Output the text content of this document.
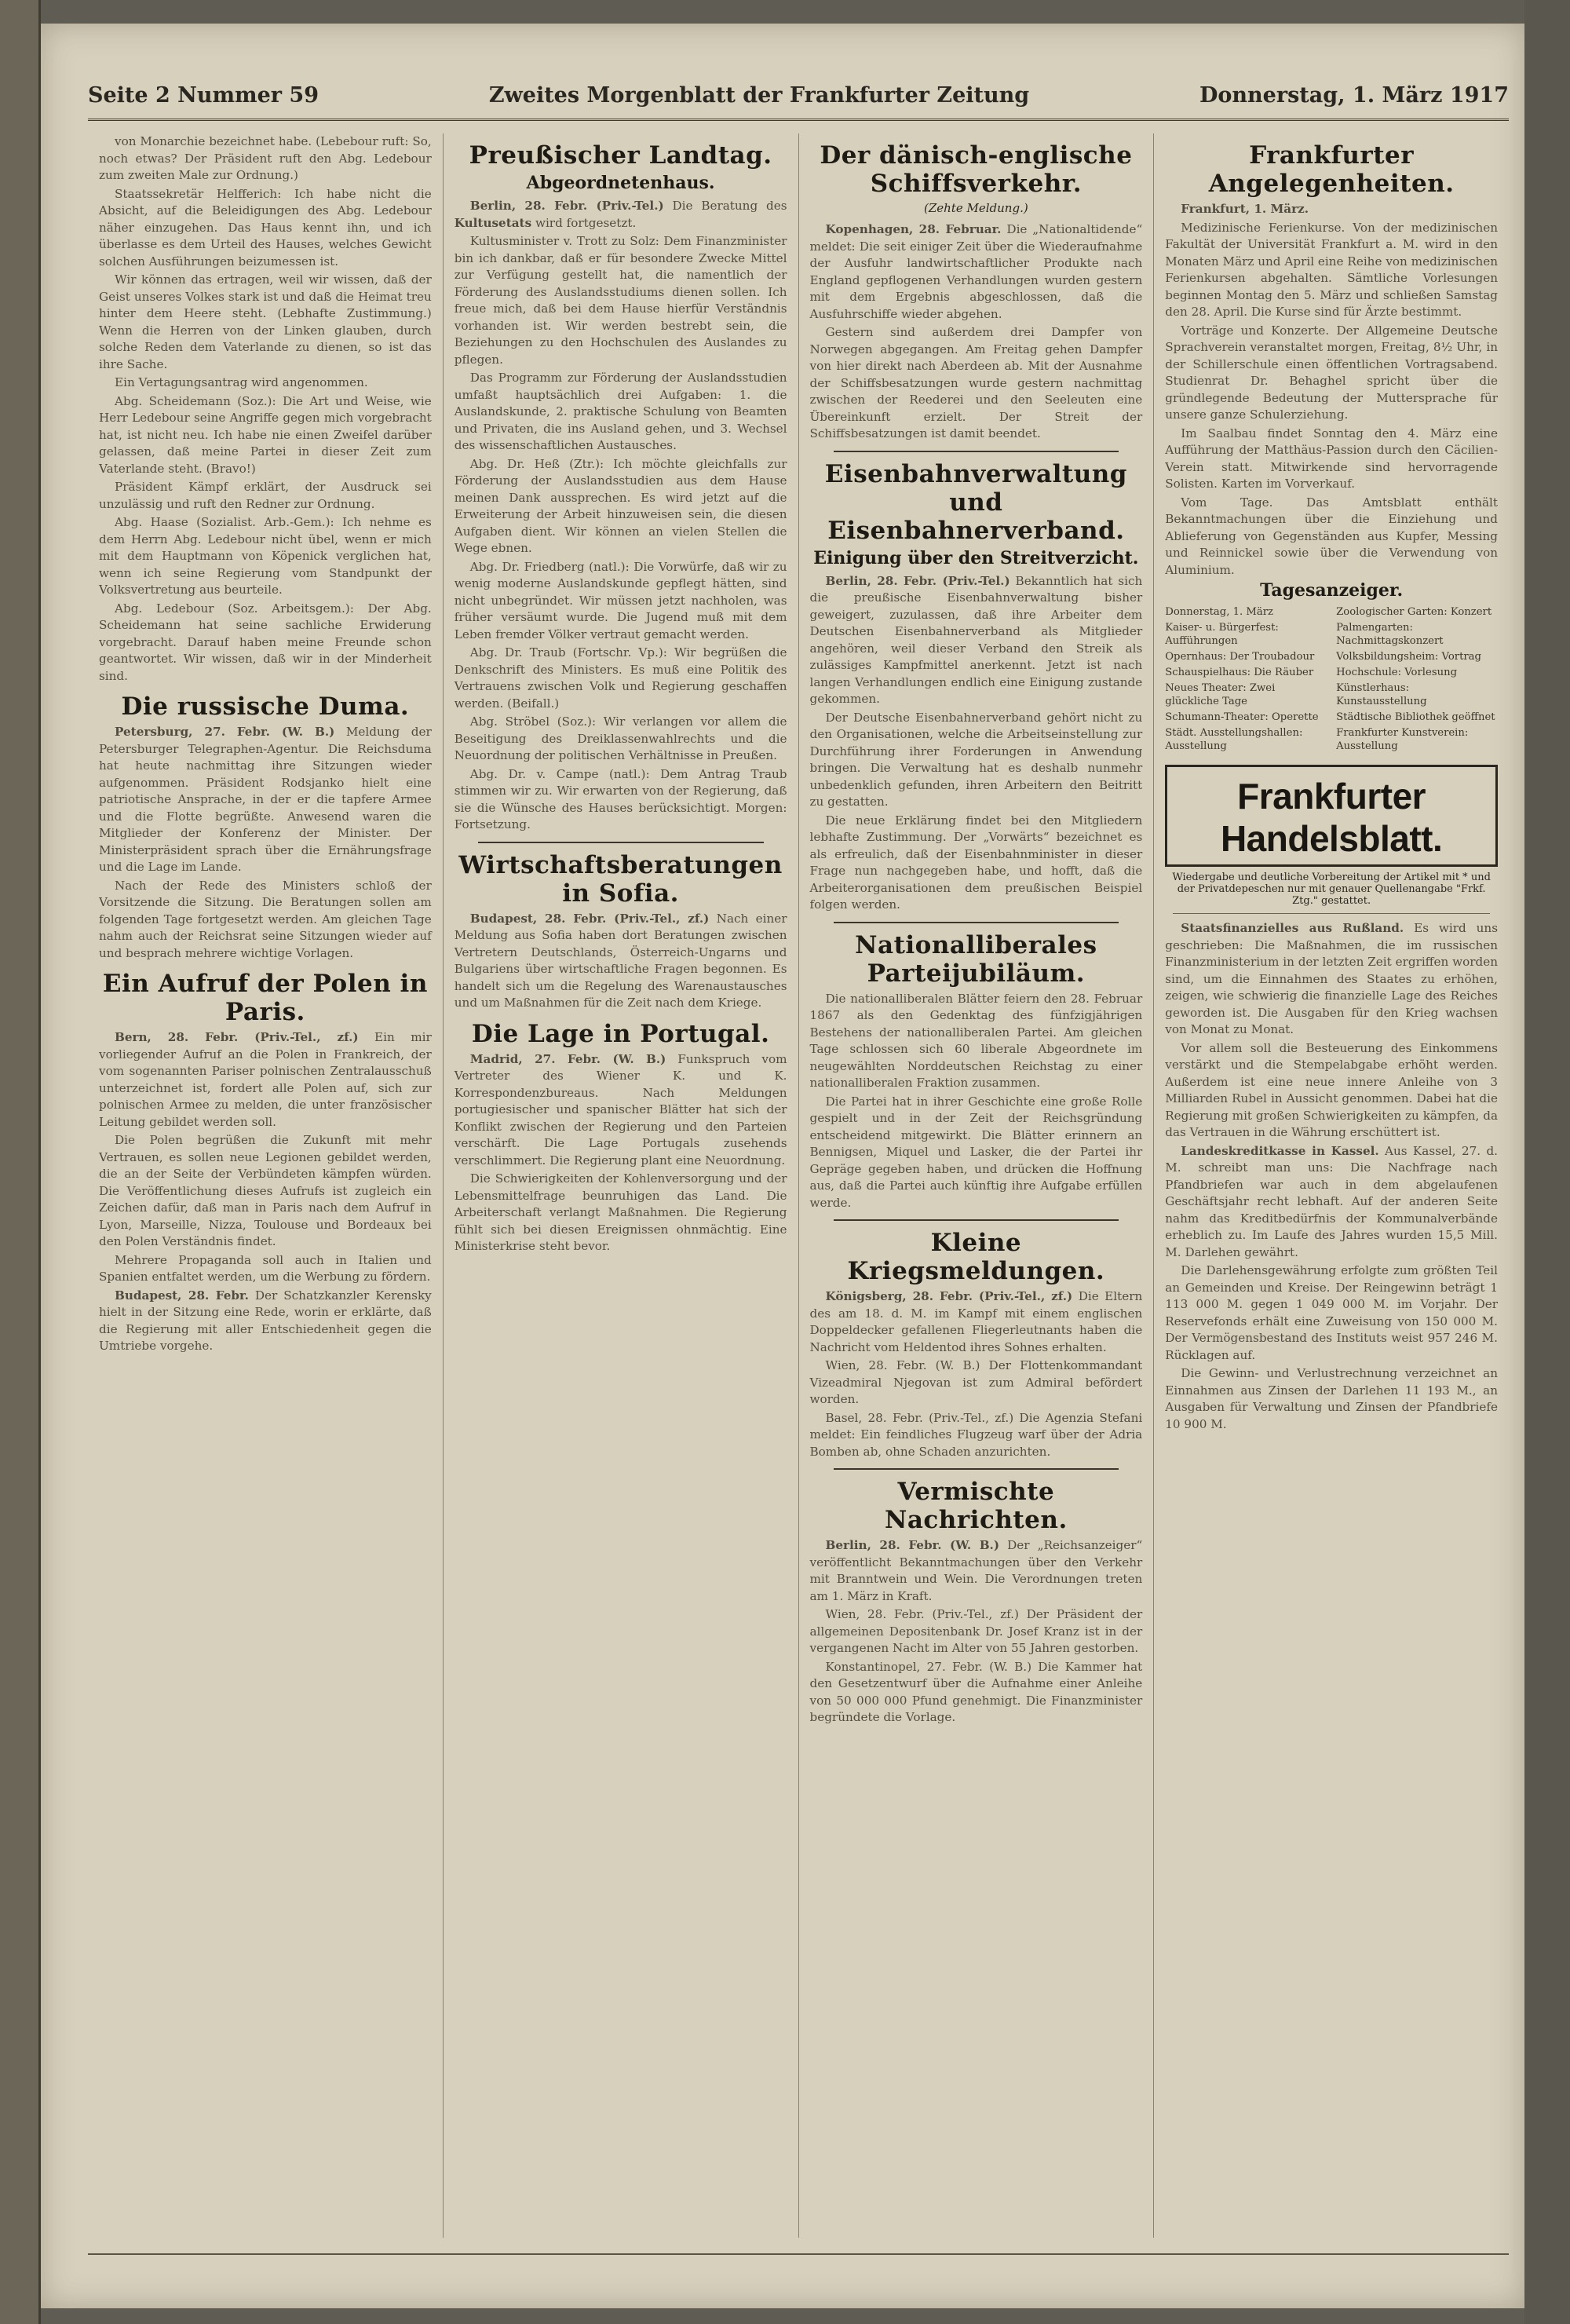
Seite 2 Nummer 59	Zweites Morgenblatt der Frankfurter Zeitung	Donnerstag, 1. März 1917

von Monarchie bezeichnet habe. (Lebebour ruft: So, noch etwas? Der Präsident ruft den Abg. Ledebour zum zweiten Male zur Ordnung.)

Staatssekretär Helfferich: Ich habe nicht die Absicht, auf die Beleidigungen des Abg. Ledebour näher einzugehen. Das Haus kennt ihn, und ich überlasse es dem Urteil des Hauses, welches Gewicht solchen Ausführungen beizumessen ist.

Wir können das ertragen, weil wir wissen, daß der Geist unseres Volkes stark ist und daß die Heimat treu hinter dem Heere steht. (Lebhafte Zustimmung.) Wenn die Herren von der Linken glauben, durch solche Reden dem Vaterlande zu dienen, so ist das ihre Sache.

Ein Vertagungsantrag wird angenommen.

Abg. Scheidemann (Soz.): Die Art und Weise, wie Herr Ledebour seine Angriffe gegen mich vorgebracht hat, ist nicht neu. Ich habe nie einen Zweifel darüber gelassen, daß meine Partei in dieser Zeit zum Vaterlande steht. (Bravo!)

Präsident Kämpf erklärt, der Ausdruck sei unzulässig und ruft den Redner zur Ordnung.

Abg. Haase (Sozialist. Arb.-Gem.): Ich nehme es dem Herrn Abg. Ledebour nicht übel, wenn er mich mit dem Hauptmann von Köpenick verglichen hat, wenn ich seine Regierung vom Standpunkt der Volksvertretung aus beurteile.

Abg. Ledebour (Soz. Arbeitsgem.): Der Abg. Scheidemann hat seine sachliche Erwiderung vorgebracht. Darauf haben meine Freunde schon geantwortet. Wir wissen, daß wir in der Minderheit sind.

Die russische Duma.

Petersburg, 27. Febr. (W. B.) Meldung der Petersburger Telegraphen-Agentur. Die Reichsduma hat heute nachmittag ihre Sitzungen wieder aufgenommen. Präsident Rodsjanko hielt eine patriotische Ansprache, in der er die tapfere Armee und die Flotte begrüßte. Anwesend waren die Mitglieder der Konferenz der Minister. Der Ministerpräsident sprach über die Ernährungsfrage und die Lage im Lande.

Nach der Rede des Ministers schloß der Vorsitzende die Sitzung. Die Beratungen sollen am folgenden Tage fortgesetzt werden. Am gleichen Tage nahm auch der Reichsrat seine Sitzungen wieder auf und besprach mehrere wichtige Vorlagen.

Ein Aufruf der Polen in Paris.

Bern, 28. Febr. (Priv.-Tel., zf.) Ein mir vorliegender Aufruf an die Polen in Frankreich, der vom sogenannten Pariser polnischen Zentralausschuß unterzeichnet ist, fordert alle Polen auf, sich zur polnischen Armee zu melden, die unter französischer Leitung gebildet werden soll.

Die Polen begrüßen die Zukunft mit mehr Vertrauen, es sollen neue Legionen gebildet werden, die an der Seite der Verbündeten kämpfen würden. Die Veröffentlichung dieses Aufrufs ist zugleich ein Zeichen dafür, daß man in Paris nach dem Aufruf in Lyon, Marseille, Nizza, Toulouse und Bordeaux bei den Polen Verständnis findet.

Mehrere Propaganda soll auch in Italien und Spanien entfaltet werden, um die Werbung zu fördern.

Budapest, 28. Febr. Der Schatzkanzler Kerensky hielt in der Sitzung eine Rede, worin er erklärte, daß die Regierung mit aller Entschiedenheit gegen die Umtriebe vorgehe.

Preußischer Landtag.
Abgeordnetenhaus.

Berlin, 28. Febr. (Priv.-Tel.) Die Beratung des Kultusetats wird fortgesetzt.

Kultusminister v. Trott zu Solz: Dem Finanzminister bin ich dankbar, daß er für besondere Zwecke Mittel zur Verfügung gestellt hat, die namentlich der Förderung des Auslandsstudiums dienen sollen. Ich freue mich, daß bei dem Hause hierfür Verständnis vorhanden ist. Wir werden bestrebt sein, die Beziehungen zu den Hochschulen des Auslandes zu pflegen.

Das Programm zur Förderung der Auslandsstudien umfaßt hauptsächlich drei Aufgaben: 1. die Auslandskunde, 2. praktische Schulung von Beamten und Privaten, die ins Ausland gehen, und 3. Wechsel des wissenschaftlichen Austausches.

Abg. Dr. Heß (Ztr.): Ich möchte gleichfalls zur Förderung der Auslandsstudien aus dem Hause meinen Dank aussprechen. Es wird jetzt auf die Erweiterung der Arbeit hinzuweisen sein, die diesen Aufgaben dient. Wir können an vielen Stellen die Wege ebnen.

Abg. Dr. Friedberg (natl.): Die Vorwürfe, daß wir zu wenig moderne Auslandskunde gepflegt hätten, sind nicht unbegründet. Wir müssen jetzt nachholen, was früher versäumt wurde. Die Jugend muß mit dem Leben fremder Völker vertraut gemacht werden.

Abg. Dr. Traub (Fortschr. Vp.): Wir begrüßen die Denkschrift des Ministers. Es muß eine Politik des Vertrauens zwischen Volk und Regierung geschaffen werden. (Beifall.)

Abg. Ströbel (Soz.): Wir verlangen vor allem die Beseitigung des Dreiklassenwahlrechts und die Neuordnung der politischen Verhältnisse in Preußen.

Abg. Dr. v. Campe (natl.): Dem Antrag Traub stimmen wir zu. Wir erwarten von der Regierung, daß sie die Wünsche des Hauses berücksichtigt. Morgen: Fortsetzung.

Wirtschaftsberatungen in Sofia.

Budapest, 28. Febr. (Priv.-Tel., zf.) Nach einer Meldung aus Sofia haben dort Beratungen zwischen Vertretern Deutschlands, Österreich-Ungarns und Bulgariens über wirtschaftliche Fragen begonnen. Es handelt sich um die Regelung des Warenaustausches und um Maßnahmen für die Zeit nach dem Kriege.

Die Lage in Portugal.

Madrid, 27. Febr. (W. B.) Funkspruch vom Vertreter des Wiener K. und K. Korrespondenzbureaus. Nach Meldungen portugiesischer und spanischer Blätter hat sich der Konflikt zwischen der Regierung und den Parteien verschärft. Die Lage Portugals zusehends verschlimmert. Die Regierung plant eine Neuordnung.

Die Schwierigkeiten der Kohlenversorgung und der Lebensmittelfrage beunruhigen das Land. Die Arbeiterschaft verlangt Maßnahmen. Die Regierung fühlt sich bei diesen Ereignissen ohnmächtig. Eine Ministerkrise steht bevor.

Der dänisch-englische Schiffsverkehr.
(Zehte Meldung.)

Kopenhagen, 28. Februar. Die „Nationaltidende“ meldet: Die seit einiger Zeit über die Wiederaufnahme der Ausfuhr landwirtschaftlicher Produkte nach England gepflogenen Verhandlungen wurden gestern mit dem Ergebnis abgeschlossen, daß die Ausfuhrschiffe wieder abgehen.

Gestern sind außerdem drei Dampfer von Norwegen abgegangen. Am Freitag gehen Dampfer von hier direkt nach Aberdeen ab. Mit der Ausnahme der Schiffsbesatzungen wurde gestern nachmittag zwischen der Reederei und den Seeleuten eine Übereinkunft erzielt. Der Streit der Schiffsbesatzungen ist damit beendet.

Eisenbahnverwaltung und Eisenbahnerverband.
Einigung über den Streitverzicht.

Berlin, 28. Febr. (Priv.-Tel.) Bekanntlich hat sich die preußische Eisenbahnverwaltung bisher geweigert, zuzulassen, daß ihre Arbeiter dem Deutschen Eisenbahnerverband als Mitglieder angehören, weil dieser Verband den Streik als zulässiges Kampfmittel anerkennt. Jetzt ist nach langen Verhandlungen endlich eine Einigung zustande gekommen.

Der Deutsche Eisenbahnerverband gehört nicht zu den Organisationen, welche die Arbeitseinstellung zur Durchführung ihrer Forderungen in Anwendung bringen. Die Verwaltung hat es deshalb nunmehr unbedenklich gefunden, ihren Arbeitern den Beitritt zu gestatten.

Die neue Erklärung findet bei den Mitgliedern lebhafte Zustimmung. Der „Vorwärts“ bezeichnet es als erfreulich, daß der Eisenbahnminister in dieser Frage nun nachgegeben habe, und hofft, daß die Arbeiterorganisationen dem preußischen Beispiel folgen werden.

Nationalliberales Parteijubiläum.

Die nationalliberalen Blätter feiern den 28. Februar 1867 als den Gedenktag des fünfzigjährigen Bestehens der nationalliberalen Partei. Am gleichen Tage schlossen sich 60 liberale Abgeordnete im neugewählten Norddeutschen Reichstag zu einer nationalliberalen Fraktion zusammen.

Die Partei hat in ihrer Geschichte eine große Rolle gespielt und in der Zeit der Reichsgründung entscheidend mitgewirkt. Die Blätter erinnern an Bennigsen, Miquel und Lasker, die der Partei ihr Gepräge gegeben haben, und drücken die Hoffnung aus, daß die Partei auch künftig ihre Aufgabe erfüllen werde.

Kleine Kriegsmeldungen.

Königsberg, 28. Febr. (Priv.-Tel., zf.) Die Eltern des am 18. d. M. im Kampf mit einem englischen Doppeldecker gefallenen Fliegerleutnants haben die Nachricht vom Heldentod ihres Sohnes erhalten.

Wien, 28. Febr. (W. B.) Der Flottenkommandant Vizeadmiral Njegovan ist zum Admiral befördert worden.

Basel, 28. Febr. (Priv.-Tel., zf.) Die Agenzia Stefani meldet: Ein feindliches Flugzeug warf über der Adria Bomben ab, ohne Schaden anzurichten.

Vermischte Nachrichten.

Berlin, 28. Febr. (W. B.) Der „Reichsanzeiger“ veröffentlicht Bekanntmachungen über den Verkehr mit Branntwein und Wein. Die Verordnungen treten am 1. März in Kraft.

Wien, 28. Febr. (Priv.-Tel., zf.) Der Präsident der allgemeinen Depositenbank Dr. Josef Kranz ist in der vergangenen Nacht im Alter von 55 Jahren gestorben.

Konstantinopel, 27. Febr. (W. B.) Die Kammer hat den Gesetzentwurf über die Aufnahme einer Anleihe von 50 000 000 Pfund genehmigt. Die Finanzminister begründete die Vorlage.

Frankfurter Angelegenheiten.

Frankfurt, 1. März.

Medizinische Ferienkurse. Von der medizinischen Fakultät der Universität Frankfurt a. M. wird in den Monaten März und April eine Reihe von medizinischen Ferienkursen abgehalten. Sämtliche Vorlesungen beginnen Montag den 5. März und schließen Samstag den 28. April. Die Kurse sind für Ärzte bestimmt.

Vorträge und Konzerte. Der Allgemeine Deutsche Sprachverein veranstaltet morgen, Freitag, 8½ Uhr, in der Schillerschule einen öffentlichen Vortragsabend. Studienrat Dr. Behaghel spricht über die gründlegende Bedeutung der Muttersprache für unsere ganze Schulerziehung.

Im Saalbau findet Sonntag den 4. März eine Aufführung der Matthäus-Passion durch den Cäcilien-Verein statt. Mitwirkende sind hervorragende Solisten. Karten im Vorverkauf.

Vom Tage. Das Amtsblatt enthält Bekanntmachungen über die Einziehung und Ablieferung von Gegenständen aus Kupfer, Messing und Reinnickel sowie über die Verwendung von Aluminium.

Tagesanzeiger.
Donnerstag, 1. März
Kaiser- u. Bürgerfest: Aufführungen
Opernhaus: Der Troubadour
Schauspielhaus: Die Räuber
Neues Theater: Zwei glückliche Tage
Schumann-Theater: Operette
Städt. Ausstellungshallen: Ausstellung
Zoologischer Garten: Konzert
Palmengarten: Nachmittagskonzert
Volksbildungsheim: Vortrag
Hochschule: Vorlesung
Künstlerhaus: Kunstausstellung
Städtische Bibliothek geöffnet
Frankfurter Kunstverein: Ausstellung
Frankfurter Handelsblatt.
Wiedergabe und deutliche Vorbereitung der Artikel mit * und der Privatdepeschen nur mit genauer Quellenangabe "Frkf. Ztg." gestattet.

Staatsfinanzielles aus Rußland. Es wird uns geschrieben: Die Maßnahmen, die im russischen Finanzministerium in der letzten Zeit ergriffen worden sind, um die Einnahmen des Staates zu erhöhen, zeigen, wie schwierig die finanzielle Lage des Reiches geworden ist. Die Ausgaben für den Krieg wachsen von Monat zu Monat.

Vor allem soll die Besteuerung des Einkommens verstärkt und die Stempelabgabe erhöht werden. Außerdem ist eine neue innere Anleihe von 3 Milliarden Rubel in Aussicht genommen. Dabei hat die Regierung mit großen Schwierigkeiten zu kämpfen, da das Vertrauen in die Währung erschüttert ist.

Landeskreditkasse in Kassel. Aus Kassel, 27. d. M. schreibt man uns: Die Nachfrage nach Pfandbriefen war auch in dem abgelaufenen Geschäftsjahr recht lebhaft. Auf der anderen Seite nahm das Kreditbedürfnis der Kommunalverbände erheblich zu. Im Laufe des Jahres wurden 15,5 Mill. M. Darlehen gewährt.

Die Darlehensgewährung erfolgte zum größten Teil an Gemeinden und Kreise. Der Reingewinn beträgt 1 113 000 M. gegen 1 049 000 M. im Vorjahr. Der Reservefonds erhält eine Zuweisung von 150 000 M. Der Vermögensbestand des Instituts weist 957 246 M. Rücklagen auf.

Die Gewinn- und Verlustrechnung verzeichnet an Einnahmen aus Zinsen der Darlehen 11 193 M., an Ausgaben für Verwaltung und Zinsen der Pfandbriefe 10 900 M.
